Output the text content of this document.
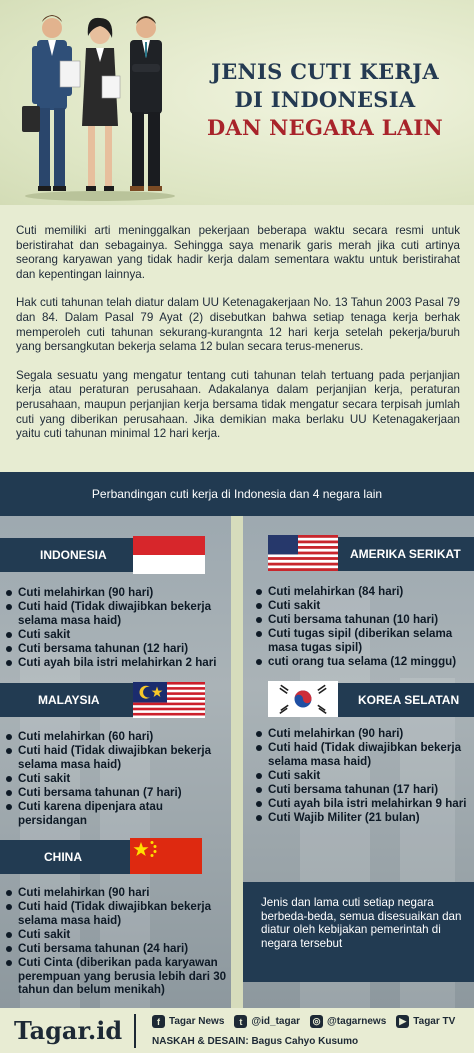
JENIS CUTI KERJA
DI INDONESIA
DAN NEGARA LAIN

Cuti memiliki arti meninggalkan pekerjaan beberapa waktu secara resmi untuk beristirahat dan sebagainya. Sehingga saya menarik garis merah jika cuti artinya seorang karyawan yang tidak hadir kerja dalam sementara waktu untuk beristirahat dan kepentingan lainnya.

Hak cuti tahunan telah diatur dalam UU Ketenagakerjaan No. 13 Tahun 2003 Pasal 79 dan 84. Dalam Pasal 79 Ayat (2) disebutkan bahwa setiap tenaga kerja berhak memperoleh cuti tahunan sekurang-kurangnta 12 hari kerja setelah pekerja/buruh yang bersangkutan bekerja selama 12 bulan secara terus-menerus.

Segala sesuatu yang mengatur tentang cuti tahunan telah tertuang pada perjanjian kerja atau peraturan perusahaan. Adakalanya dalam perjanjian kerja, peraturan perusahaan, maupun perjanjian kerja bersama tidak mengatur secara terpisah jumlah cuti yang diberikan perusahaan. Jika demikian maka berlaku UU Ketenagakerjaan yaitu cuti tahunan minimal 12 hari kerja.

Perbandingan cuti kerja di Indonesia dan 4 negara lain
INDONESIA
Cuti melahirkan (90 hari)
Cuti haid (Tidak diwajibkan bekerja selama masa haid)
Cuti sakit
Cuti bersama tahunan (12 hari)
Cuti ayah bila istri melahirkan 2 hari
AMERIKA SERIKAT
Cuti melahirkan (84 hari)
Cuti sakit
Cuti bersama tahunan (10 hari)
Cuti tugas sipil (diberikan selama masa tugas sipil)
cuti orang tua selama (12 minggu)
MALAYSIA
Cuti melahirkan (60 hari)
Cuti haid (Tidak diwajibkan bekerja selama masa haid)
Cuti sakit
Cuti bersama tahunan (7 hari)
Cuti karena dipenjara atau persidangan
KOREA SELATAN
Cuti melahirkan (90 hari)
Cuti haid (Tidak diwajibkan bekerja selama masa haid)
Cuti sakit
Cuti bersama tahunan (17 hari)
Cuti ayah bila istri melahirkan 9 hari
Cuti Wajib Militer (21 bulan)
CHINA
Cuti melahirkan (90 hari
Cuti haid (Tidak diwajibkan bekerja selama masa haid)
Cuti sakit
Cuti bersama tahunan (24 hari)
Cuti Cinta (diberikan pada karyawan perempuan yang berusia lebih dari 30 tahun dan belum menikah)
Jenis dan lama cuti setiap negara berbeda-beda, semua disesuaikan dan diatur oleh kebijakan pemerintah di negara tersebut
Tagar.id	f Tagar News	t @id_tagar ◎ @tagarnews	▶ Tagar TV
NASKAH & DESAIN: Bagus Cahyo Kusumo
